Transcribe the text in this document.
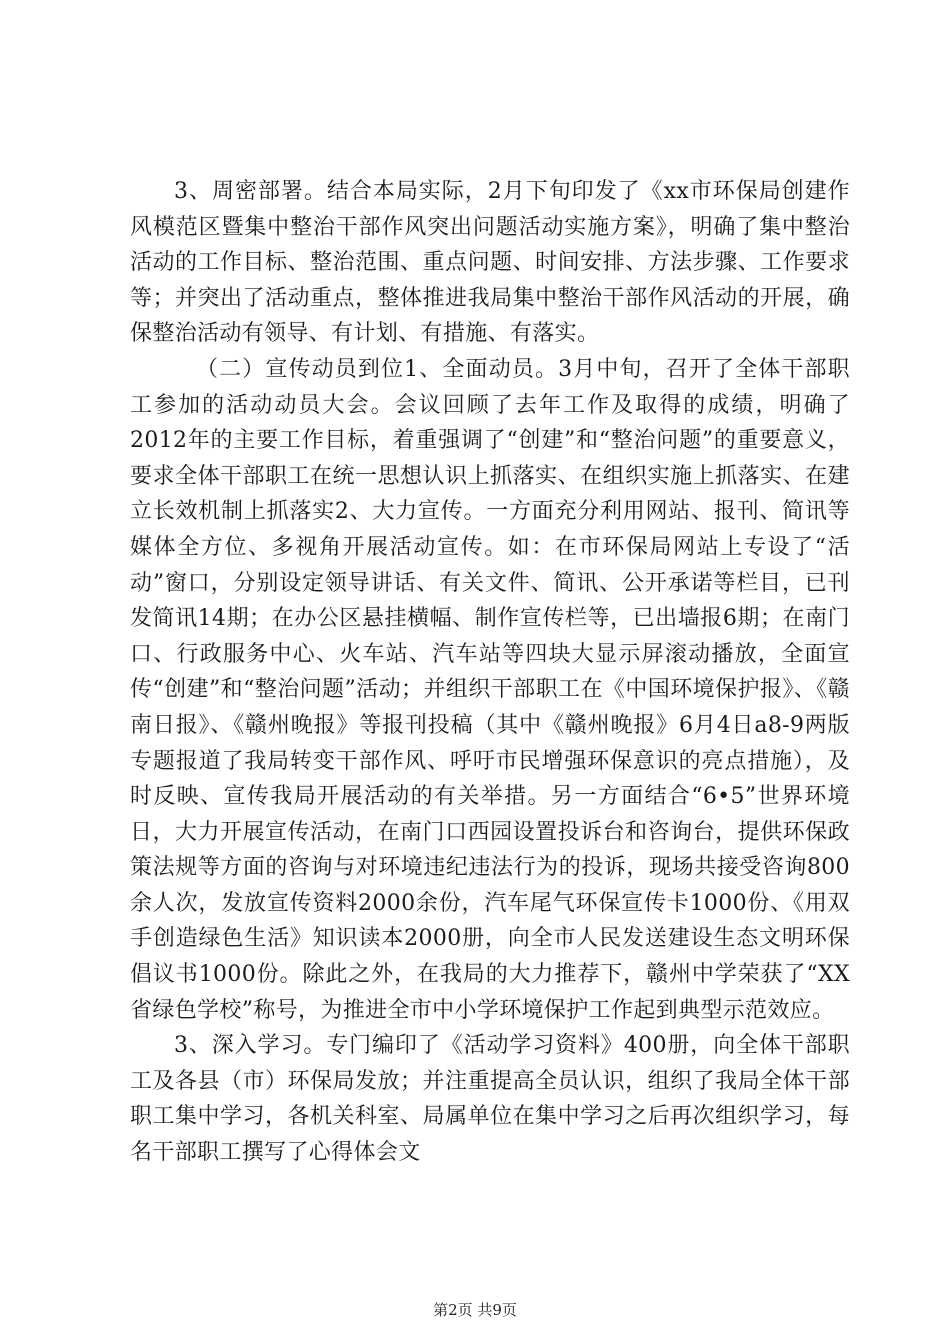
3、周密部署。结合本局实际，2月下旬印发了《xx市环保局创建作风模范区暨集中整治干部作风突出问题活动实施方案》，明确了集中整治活动的工作目标、整治范围、重点问题、时间安排、方法步骤、工作要求等；并突出了活动重点，整体推进我局集中整治干部作风活动的开展，确保整治活动有领导、有计划、有措施、有落实。

（二）宣传动员到位1、全面动员。3月中旬，召开了全体干部职工参加的活动动员大会。会议回顾了去年工作及取得的成绩，明确了2012年的主要工作目标，着重强调了“创建”和“整治问题”的重要意义，要求全体干部职工在统一思想认识上抓落实、在组织实施上抓落实、在建立长效机制上抓落实2、大力宣传。一方面充分利用网站、报刊、简讯等媒体全方位、多视角开展活动宣传。如：在市环保局网站上专设了“活动”窗口，分别设定领导讲话、有关文件、简讯、公开承诺等栏目，已刊发简讯14期；在办公区悬挂横幅、制作宣传栏等，已出墙报6期；在南门口、行政服务中心、火车站、汽车站等四块大显示屏滚动播放，全面宣传“创建”和“整治问题”活动；并组织干部职工在《中国环境保护报》、《赣南日报》、《赣州晚报》等报刊投稿（其中《赣州晚报》6月4日a8-9两版专题报道了我局转变干部作风、呼吁市民增强环保意识的亮点措施），及时反映、宣传我局开展活动的有关举措。另一方面结合“6•5”世界环境日，大力开展宣传活动，在南门口西园设置投诉台和咨询台，提供环保政策法规等方面的咨询与对环境违纪违法行为的投诉，现场共接受咨询800余人次，发放宣传资料2000余份，汽车尾气环保宣传卡1000份、《用双手创造绿色生活》知识读本2000册，向全市人民发送建设生态文明环保倡议书1000份。除此之外，在我局的大力推荐下，赣州中学荣获了“XX省绿色学校”称号，为推进全市中小学环境保护工作起到典型示范效应。

3、深入学习。专门编印了《活动学习资料》400册，向全体干部职工及各县（市）环保局发放；并注重提高全员认识，组织了我局全体干部职工集中学习，各机关科室、局属单位在集中学习之后再次组织学习，每名干部职工撰写了心得体会文

第2页 共9页
